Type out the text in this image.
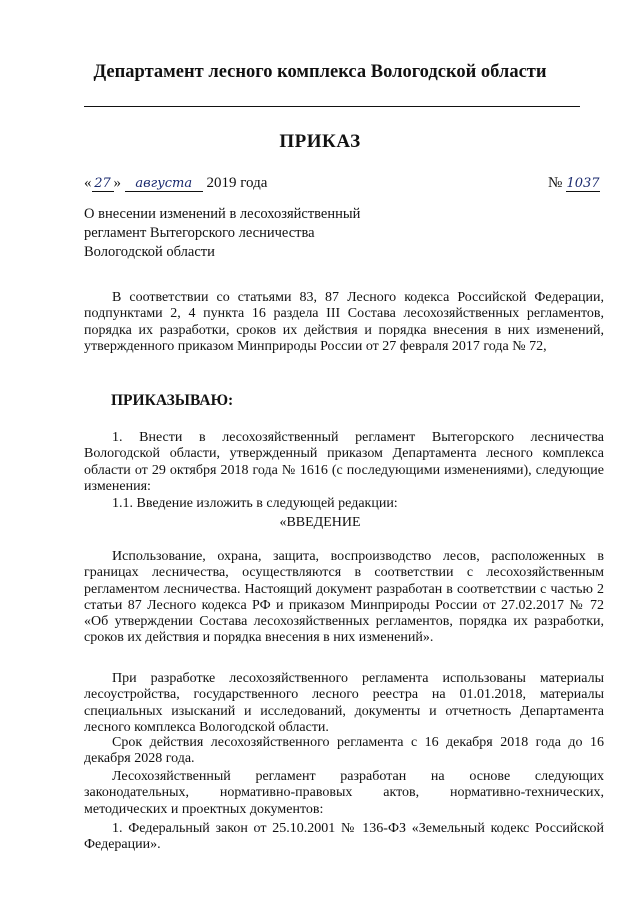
Департамент лесного комплекса Вологодской области
ПРИКАЗ
« 27 » августа 2019 года	№ 1037
О внесении изменений в лесохозяйственный
регламент Вытегорского лесничества
Вологодской области
В соответствии со статьями 83, 87 Лесного кодекса Российской Федерации, подпунктами 2, 4 пункта 16 раздела III Состава лесохозяйственных регламентов, порядка их разработки, сроков их действия и порядка внесения в них изменений, утвержденного приказом Минприроды России от 27 февраля 2017 года № 72,
ПРИКАЗЫВАЮ:
1. Внести в лесохозяйственный регламент Вытегорского лесничества Вологодской области, утвержденный приказом Департамента лесного комплекса области от 29 октября 2018 года № 1616 (с последующими изменениями), следующие изменения:
1.1. Введение изложить в следующей редакции:
«ВВЕДЕНИЕ
Использование, охрана, защита, воспроизводство лесов, расположенных в границах лесничества, осуществляются в соответствии с лесохозяйственным регламентом лесничества. Настоящий документ разработан в соответствии с частью 2 статьи 87 Лесного кодекса РФ и приказом Минприроды России от 27.02.2017 № 72 «Об утверждении Состава лесохозяйственных регламентов, порядка их разработки, сроков их действия и порядка внесения в них изменений».
При разработке лесохозяйственного регламента использованы материалы лесоустройства, государственного лесного реестра на 01.01.2018, материалы специальных изысканий и исследований, документы и отчетность Департамента лесного комплекса Вологодской области.
Срок действия лесохозяйственного регламента с 16 декабря 2018 года до 16 декабря 2028 года.
Лесохозяйственный регламент разработан на основе следующих законодательных, нормативно-правовых актов, нормативно-технических, методических и проектных документов:
1. Федеральный закон от 25.10.2001 № 136-ФЗ «Земельный кодекс Российской Федерации».
